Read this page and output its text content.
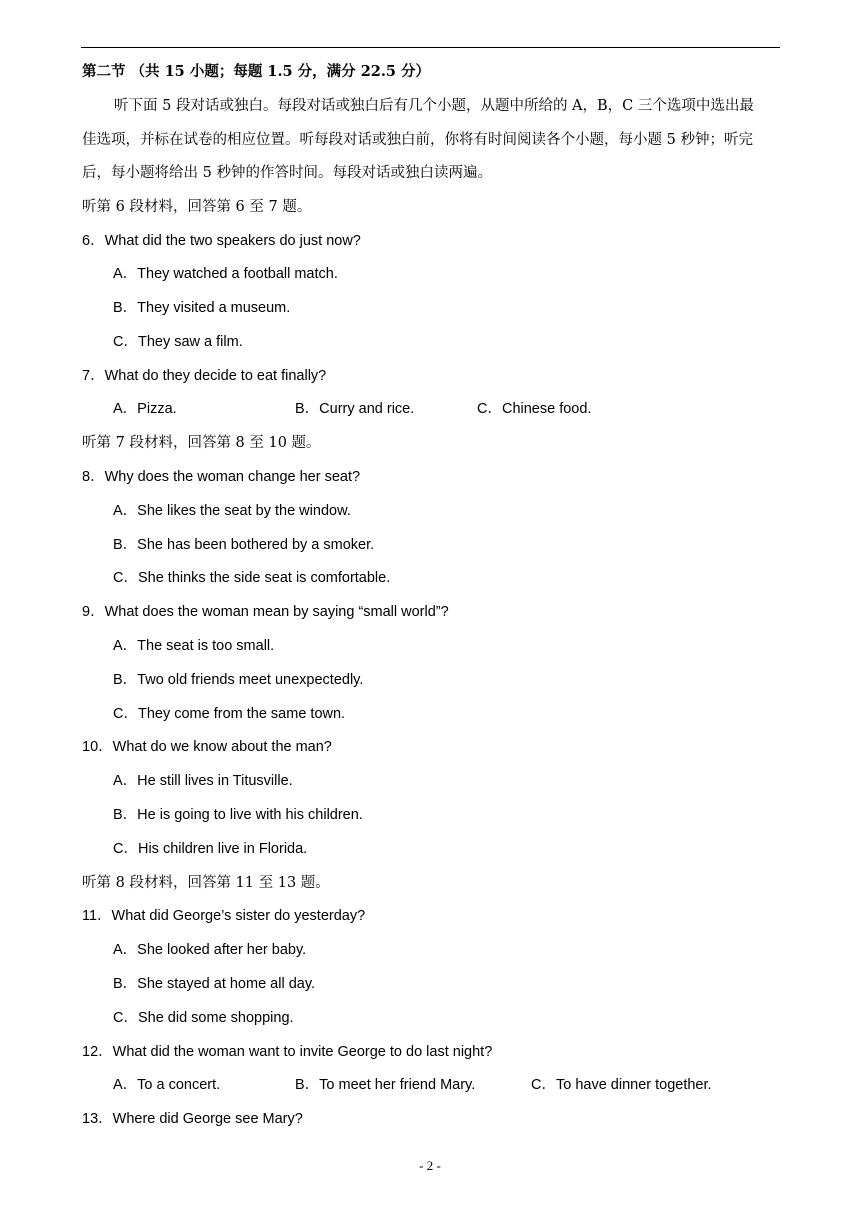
第二节 （共 15 小题；每题 1.5 分，满分 22.5 分）
听下面 5 段对话或独白。每段对话或独白后有几个小题，从题中所给的 A，B，C 三个选项中选出最
佳选项，并标在试卷的相应位置。听每段对话或独白前，你将有时间阅读各个小题，每小题 5 秒钟；听完
后，每小题将给出 5 秒钟的作答时间。每段对话或独白读两遍。
听第 6 段材料，回答第 6 至 7 题。
6．What did the two speakers do just now?
A．They watched a football match.
B．They visited a museum.
C．They saw a film.
7．What do they decide to eat finally?
A．Pizza.	B．Curry and rice.	C．Chinese food.
听第 7 段材料，回答第 8 至 10 题。
8．Why does the woman change her seat?
A．She likes the seat by the window.
B．She has been bothered by a smoker.
C．She thinks the side seat is comfortable.
9．What does the woman mean by saying “small world”?
A．The seat is too small.
B．Two old friends meet unexpectedly.
C．They come from the same town.
10．What do we know about the man?
A．He still lives in Titusville.
B．He is going to live with his children.
C．His children live in Florida.
听第 8 段材料，回答第 11 至 13 题。
11．What did George’s sister do yesterday?
A．She looked after her baby.
B．She stayed at home all day.
C．She did some shopping.
12．What did the woman want to invite George to do last night?
A．To a concert.	B．To meet her friend Mary.	C．To have dinner together.
13．Where did George see Mary?
- 2 -
